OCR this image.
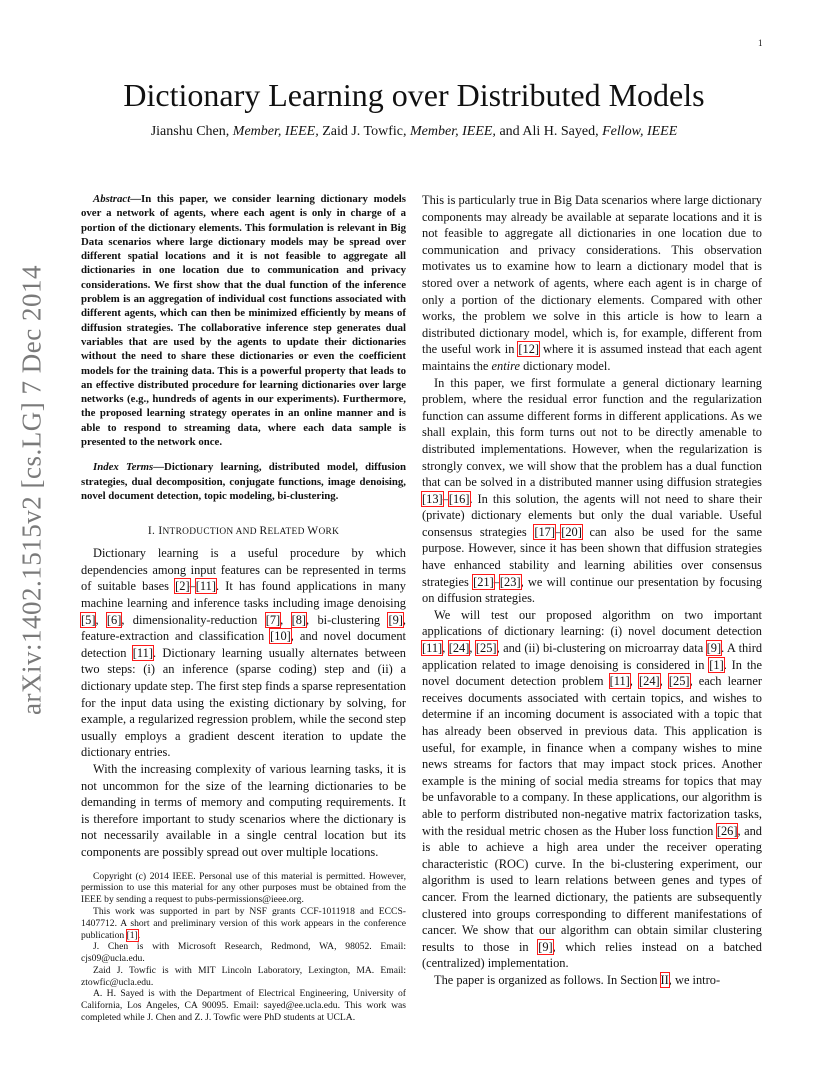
1
arXiv:1402.1515v2 [cs.LG] 7 Dec 2014
Dictionary Learning over Distributed Models
Jianshu Chen, Member, IEEE, Zaid J. Towfic, Member, IEEE, and Ali H. Sayed, Fellow, IEEE

Abstract—In this paper, we consider learning dictionary models over a network of agents, where each agent is only in charge of a portion of the dictionary elements. This formulation is relevant in Big Data scenarios where large dictionary models may be spread over different spatial locations and it is not feasible to aggregate all dictionaries in one location due to communication and privacy considerations. We first show that the dual function of the inference problem is an aggregation of individual cost functions associated with different agents, which can then be minimized efficiently by means of diffusion strategies. The collaborative inference step generates dual variables that are used by the agents to update their dictionaries without the need to share these dictionaries or even the coefficient models for the training data. This is a powerful property that leads to an effective distributed procedure for learning dictionaries over large networks (e.g., hundreds of agents in our experiments). Furthermore, the proposed learning strategy operates in an online manner and is able to respond to streaming data, where each data sample is presented to the network once.

Index Terms—Dictionary learning, distributed model, diffusion strategies, dual decomposition, conjugate functions, image denoising, novel document detection, topic modeling, bi-clustering.

I. INTRODUCTION AND RELATED WORK

Dictionary learning is a useful procedure by which dependencies among input features can be represented in terms of suitable bases [2]–[11]. It has found applications in many machine learning and inference tasks including image denoising [5], [6], dimensionality-reduction [7], [8], bi-clustering [9], feature-extraction and classification [10], and novel document detection [11]. Dictionary learning usually alternates between two steps: (i) an inference (sparse coding) step and (ii) a dictionary update step. The first step finds a sparse representation for the input data using the existing dictionary by solving, for example, a regularized regression problem, while the second step usually employs a gradient descent iteration to update the dictionary entries.

With the increasing complexity of various learning tasks, it is not uncommon for the size of the learning dictionaries to be demanding in terms of memory and computing requirements. It is therefore important to study scenarios where the dictionary is not necessarily available in a single central location but its components are possibly spread out over multiple locations.

Copyright (c) 2014 IEEE. Personal use of this material is permitted. However, permission to use this material for any other purposes must be obtained from the IEEE by sending a request to pubs-permissions@ieee.org.

This work was supported in part by NSF grants CCF-1011918 and ECCS-1407712. A short and preliminary version of this work appears in the conference publication [1].

J. Chen is with Microsoft Research, Redmond, WA, 98052. Email: cjs09@ucla.edu.

Zaid J. Towfic is with MIT Lincoln Laboratory, Lexington, MA. Email: ztowfic@ucla.edu.

A. H. Sayed is with the Department of Electrical Engineering, University of California, Los Angeles, CA 90095. Email: sayed@ee.ucla.edu. This work was completed while J. Chen and Z. J. Towfic were PhD students at UCLA.

This is particularly true in Big Data scenarios where large dictionary components may already be available at separate locations and it is not feasible to aggregate all dictionaries in one location due to communication and privacy considerations. This observation motivates us to examine how to learn a dictionary model that is stored over a network of agents, where each agent is in charge of only a portion of the dictionary elements. Compared with other works, the problem we solve in this article is how to learn a distributed dictionary model, which is, for example, different from the useful work in [12] where it is assumed instead that each agent maintains the entire dictionary model.

In this paper, we first formulate a general dictionary learning problem, where the residual error function and the regularization function can assume different forms in different applications. As we shall explain, this form turns out not to be directly amenable to distributed implementations. However, when the regularization is strongly convex, we will show that the problem has a dual function that can be solved in a distributed manner using diffusion strategies [13]–[16]. In this solution, the agents will not need to share their (private) dictionary elements but only the dual variable. Useful consensus strategies [17]–[20] can also be used for the same purpose. However, since it has been shown that diffusion strategies have enhanced stability and learning abilities over consensus strategies [21]–[23], we will continue our presentation by focusing on diffusion strategies.

We will test our proposed algorithm on two important applications of dictionary learning: (i) novel document detection [11], [24], [25], and (ii) bi-clustering on microarray data [9]. A third application related to image denoising is considered in [1]. In the novel document detection problem [11], [24], [25], each learner receives documents associated with certain topics, and wishes to determine if an incoming document is associated with a topic that has already been observed in previous data. This application is useful, for example, in finance when a company wishes to mine news streams for factors that may impact stock prices. Another example is the mining of social media streams for topics that may be unfavorable to a company. In these applications, our algorithm is able to perform distributed non-negative matrix factorization tasks, with the residual metric chosen as the Huber loss function [26], and is able to achieve a high area under the receiver operating characteristic (ROC) curve. In the bi-clustering experiment, our algorithm is used to learn relations between genes and types of cancer. From the learned dictionary, the patients are subsequently clustered into groups corresponding to different manifestations of cancer. We show that our algorithm can obtain similar clustering results to those in [9], which relies instead on a batched (centralized) implementation.

The paper is organized as follows. In Section II, we intro-
